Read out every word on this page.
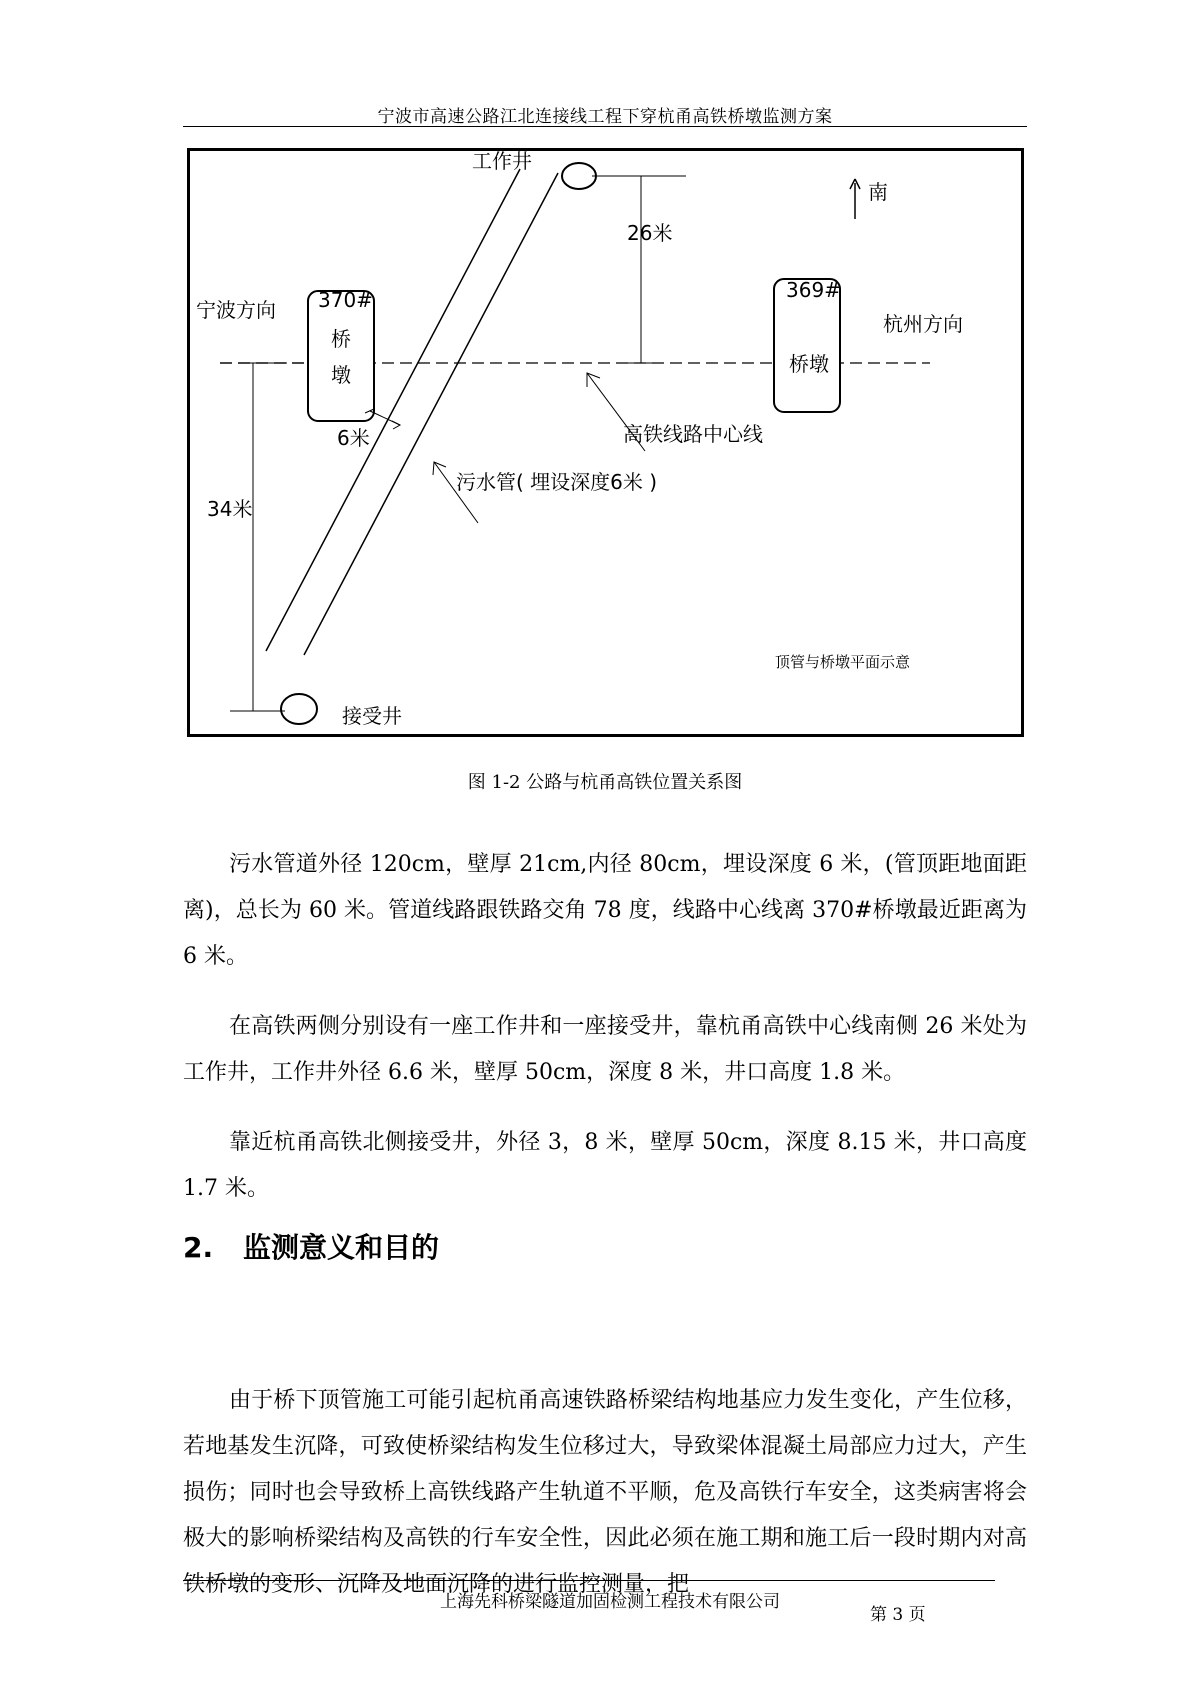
宁波市高速公路江北连接线工程下穿杭甬高铁桥墩监测方案
工作井
南
26米
370#
桥
墩
369#
桥墩
宁波方向
杭州方向
6米	高铁线路中心线
污水管( 埋设深度6米 )
34米
顶管与桥墩平面示意
接受井
图 1-2 公路与杭甬高铁位置关系图

污水管道外径 120cm，壁厚 21cm,内径 80cm，埋设深度 6 米，(管顶距地面距离)，总长为 60 米。管道线路跟铁路交角 78 度，线路中心线离 370#桥墩最近距离为 6 米。

在高铁两侧分别设有一座工作井和一座接受井，靠杭甬高铁中心线南侧 26 米处为工作井，工作井外径 6.6 米，壁厚 50cm，深度 8 米，井口高度 1.8 米。

靠近杭甬高铁北侧接受井，外径 3，8 米，壁厚 50cm，深度 8.15 米，井口高度 1.7 米。

2. 监测意义和目的

由于桥下顶管施工可能引起杭甬高速铁路桥梁结构地基应力发生变化，产生位移，若地基发生沉降，可致使桥梁结构发生位移过大，导致梁体混凝土局部应力过大，产生损伤；同时也会导致桥上高铁线路产生轨道不平顺，危及高铁行车安全，这类病害将会极大的影响桥梁结构及高铁的行车安全性，因此必须在施工期和施工后一段时期内对高铁桥墩的变形、沉降及地面沉降的进行监控测量，把

上海先科桥梁隧道加固检测工程技术有限公司
第 3 页
